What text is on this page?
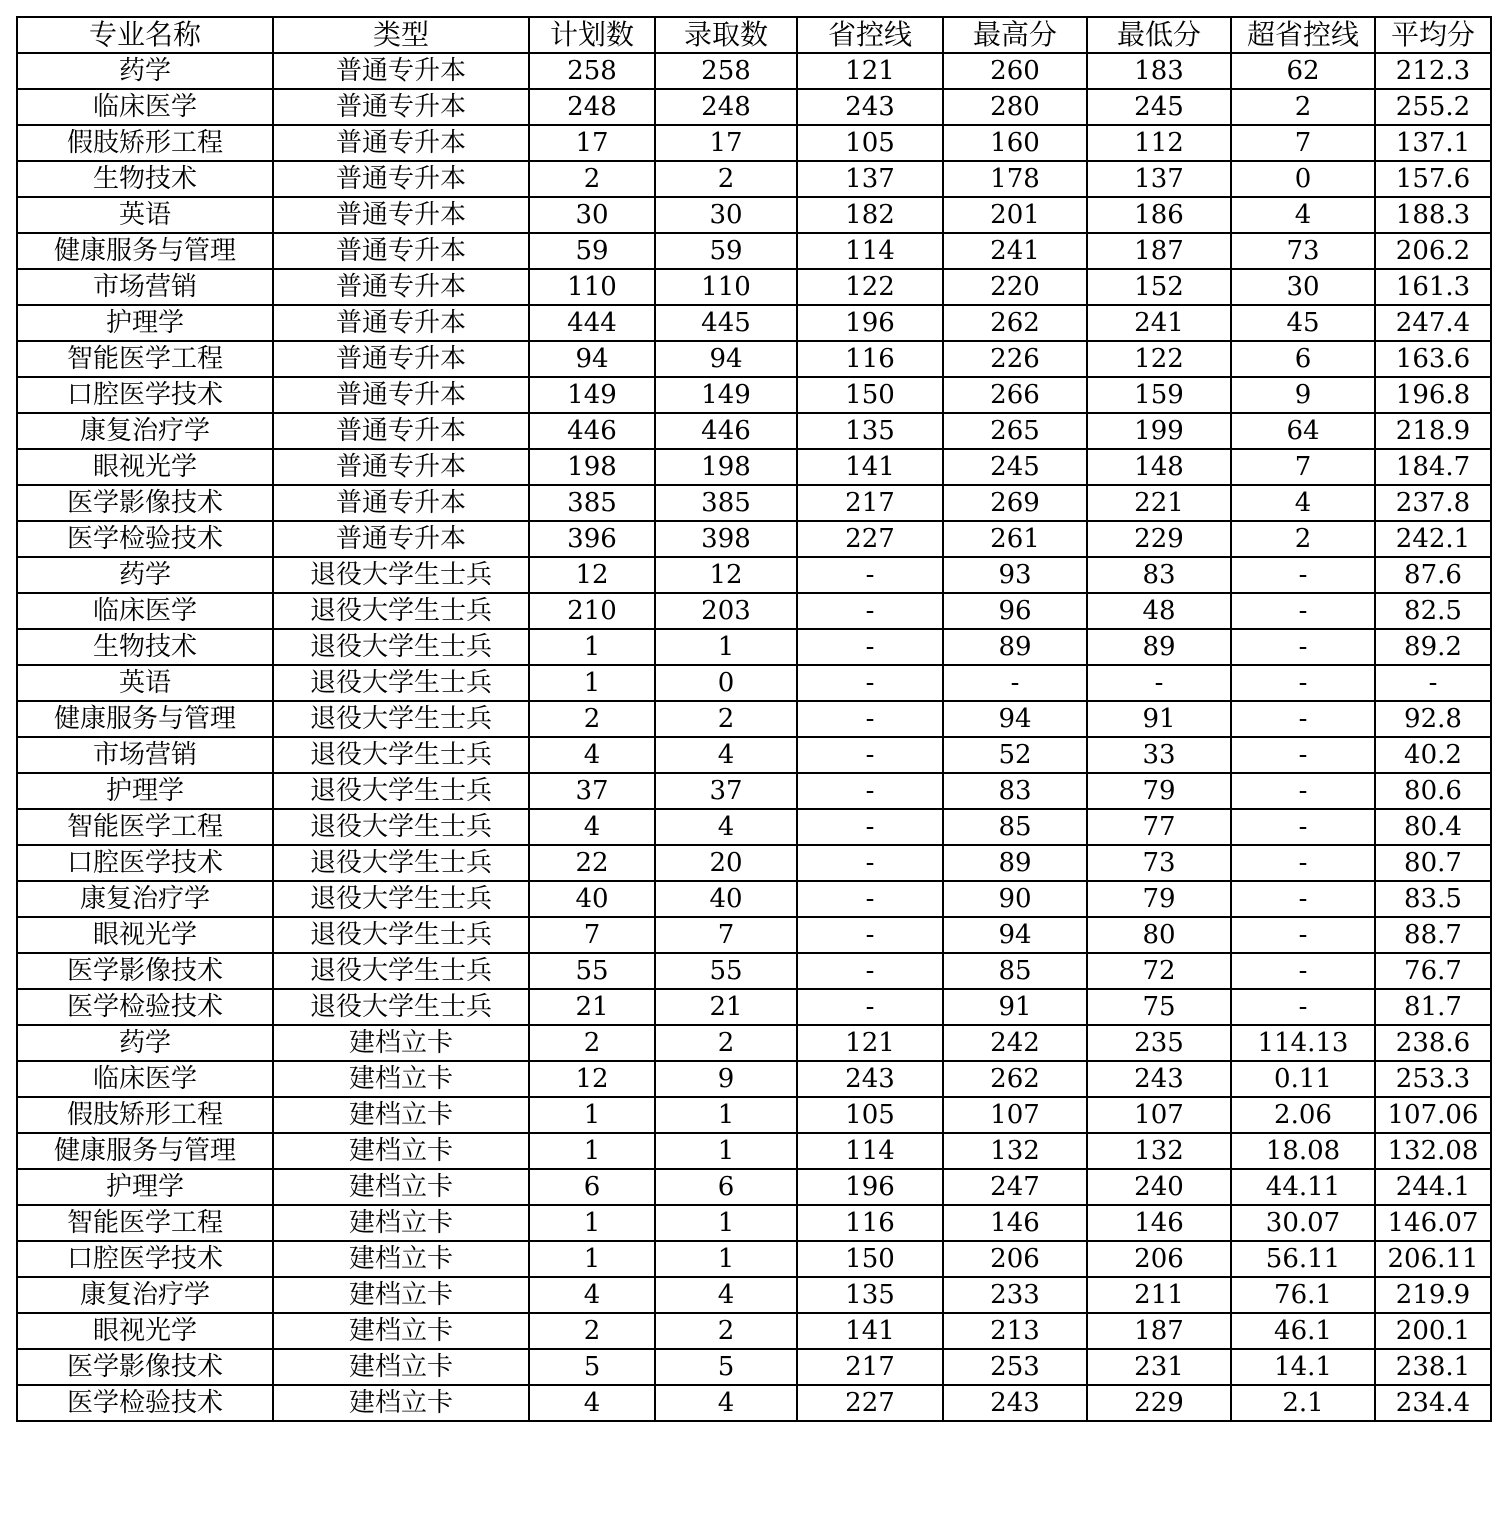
专业名称	类型	计划数	录取数	省控线	最高分	最低分	超省控线	平均分
药学	普通专升本	258	258	121	260	183	62	212.3
临床医学	普通专升本	248	248	243	280	245	2	255.2
假肢矫形工程	普通专升本	17	17	105	160	112	7	137.1
生物技术	普通专升本	2	2	137	178	137	0	157.6
英语	普通专升本	30	30	182	201	186	4	188.3
健康服务与管理	普通专升本	59	59	114	241	187	73	206.2
市场营销	普通专升本	110	110	122	220	152	30	161.3
护理学	普通专升本	444	445	196	262	241	45	247.4
智能医学工程	普通专升本	94	94	116	226	122	6	163.6
口腔医学技术	普通专升本	149	149	150	266	159	9	196.8
康复治疗学	普通专升本	446	446	135	265	199	64	218.9
眼视光学	普通专升本	198	198	141	245	148	7	184.7
医学影像技术	普通专升本	385	385	217	269	221	4	237.8
医学检验技术	普通专升本	396	398	227	261	229	2	242.1
药学	退役大学生士兵	12	12	-	93	83	-	87.6
临床医学	退役大学生士兵	210	203	-	96	48	-	82.5
生物技术	退役大学生士兵	1	1	-	89	89	-	89.2
英语	退役大学生士兵	1	0	-	-	-	-	-
健康服务与管理	退役大学生士兵	2	2	-	94	91	-	92.8
市场营销	退役大学生士兵	4	4	-	52	33	-	40.2
护理学	退役大学生士兵	37	37	-	83	79	-	80.6
智能医学工程	退役大学生士兵	4	4	-	85	77	-	80.4
口腔医学技术	退役大学生士兵	22	20	-	89	73	-	80.7
康复治疗学	退役大学生士兵	40	40	-	90	79	-	83.5
眼视光学	退役大学生士兵	7	7	-	94	80	-	88.7
医学影像技术	退役大学生士兵	55	55	-	85	72	-	76.7
医学检验技术	退役大学生士兵	21	21	-	91	75	-	81.7
药学	建档立卡	2	2	121	242	235	114.13	238.6
临床医学	建档立卡	12	9	243	262	243	0.11	253.3
假肢矫形工程	建档立卡	1	1	105	107	107	2.06	107.06
健康服务与管理	建档立卡	1	1	114	132	132	18.08	132.08
护理学	建档立卡	6	6	196	247	240	44.11	244.1
智能医学工程	建档立卡	1	1	116	146	146	30.07	146.07
口腔医学技术	建档立卡	1	1	150	206	206	56.11	206.11
康复治疗学	建档立卡	4	4	135	233	211	76.1	219.9
眼视光学	建档立卡	2	2	141	213	187	46.1	200.1
医学影像技术	建档立卡	5	5	217	253	231	14.1	238.1
医学检验技术	建档立卡	4	4	227	243	229	2.1	234.4
